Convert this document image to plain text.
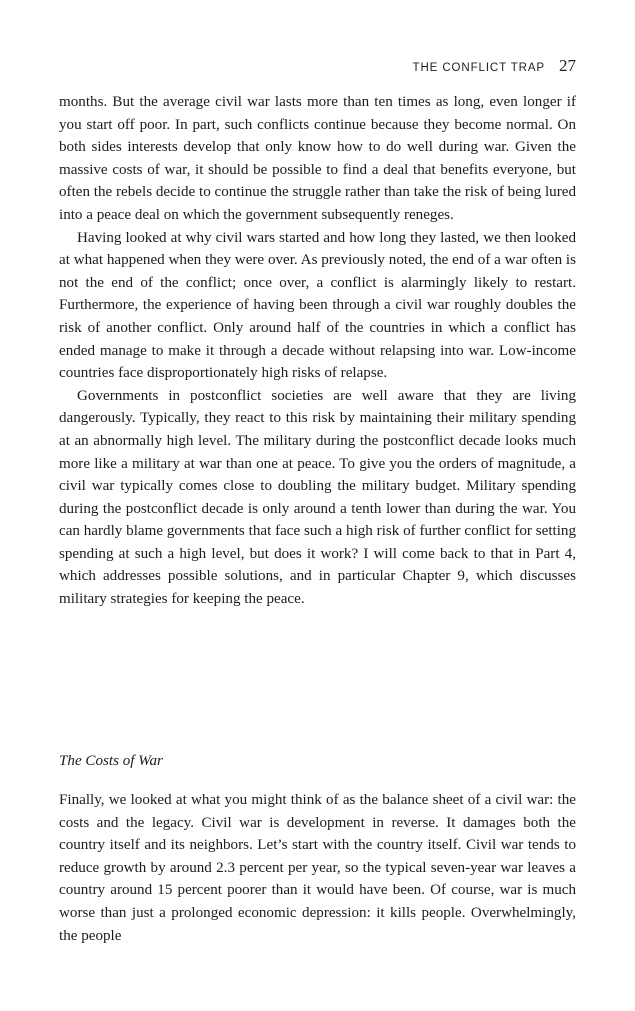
THE CONFLICT TRAP 27

months. But the average civil war lasts more than ten times as long, even longer if you start off poor. In part, such conflicts continue because they become normal. On both sides interests develop that only know how to do well during war. Given the massive costs of war, it should be possible to find a deal that benefits everyone, but often the rebels decide to continue the struggle rather than take the risk of being lured into a peace deal on which the government subsequently reneges.

Having looked at why civil wars started and how long they lasted, we then looked at what happened when they were over. As previously noted, the end of a war often is not the end of the conflict; once over, a conflict is alarmingly likely to restart. Furthermore, the experience of having been through a civil war roughly doubles the risk of another conflict. Only around half of the countries in which a conflict has ended manage to make it through a decade without relapsing into war. Low-income countries face disproportionately high risks of relapse.

Governments in postconflict societies are well aware that they are living dangerously. Typically, they react to this risk by maintaining their military spending at an abnormally high level. The military during the postconflict decade looks much more like a military at war than one at peace. To give you the orders of magnitude, a civil war typically comes close to doubling the military budget. Military spending during the postconflict decade is only around a tenth lower than during the war. You can hardly blame governments that face such a high risk of further conflict for setting spending at such a high level, but does it work? I will come back to that in Part 4, which addresses possible solutions, and in particular Chapter 9, which discusses military strategies for keeping the peace.

The Costs of War

Finally, we looked at what you might think of as the balance sheet of a civil war: the costs and the legacy. Civil war is development in reverse. It damages both the country itself and its neighbors. Let’s start with the country itself. Civil war tends to reduce growth by around 2.3 percent per year, so the typical seven-year war leaves a country around 15 percent poorer than it would have been. Of course, war is much worse than just a prolonged economic depression: it kills people. Overwhelmingly, the people
